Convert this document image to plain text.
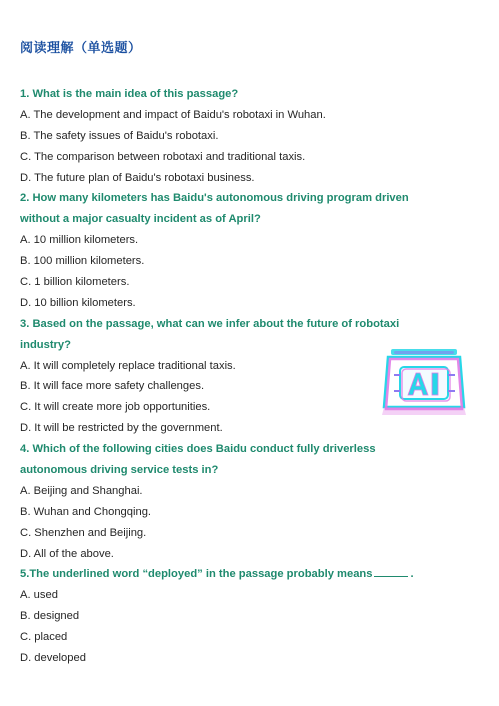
阅读理解（单选题）
1. What is the main idea of this passage?
A. The development and impact of Baidu's robotaxi in Wuhan.
B. The safety issues of Baidu's robotaxi.
C. The comparison between robotaxi and traditional taxis.
D. The future plan of Baidu's robotaxi business.
2. How many kilometers has Baidu's autonomous driving program driven
without a major casualty incident as of April?
A. 10 million kilometers.
B. 100 million kilometers.
C. 1 billion kilometers.
D. 10 billion kilometers.
3. Based on the passage, what can we infer about the future of robotaxi
industry?
A. It will completely replace traditional taxis.
B. It will face more safety challenges.
C. It will create more job opportunities.
D. It will be restricted by the government.
4. Which of the following cities does Baidu conduct fully driverless
autonomous driving service tests in?
A. Beijing and Shanghai.
B. Wuhan and Chongqing.
C. Shenzhen and Beijing.
D. All of the above.
5.The underlined word “deployed” in the passage probably means	.
A. used
B. designed
C. placed
D. developed
